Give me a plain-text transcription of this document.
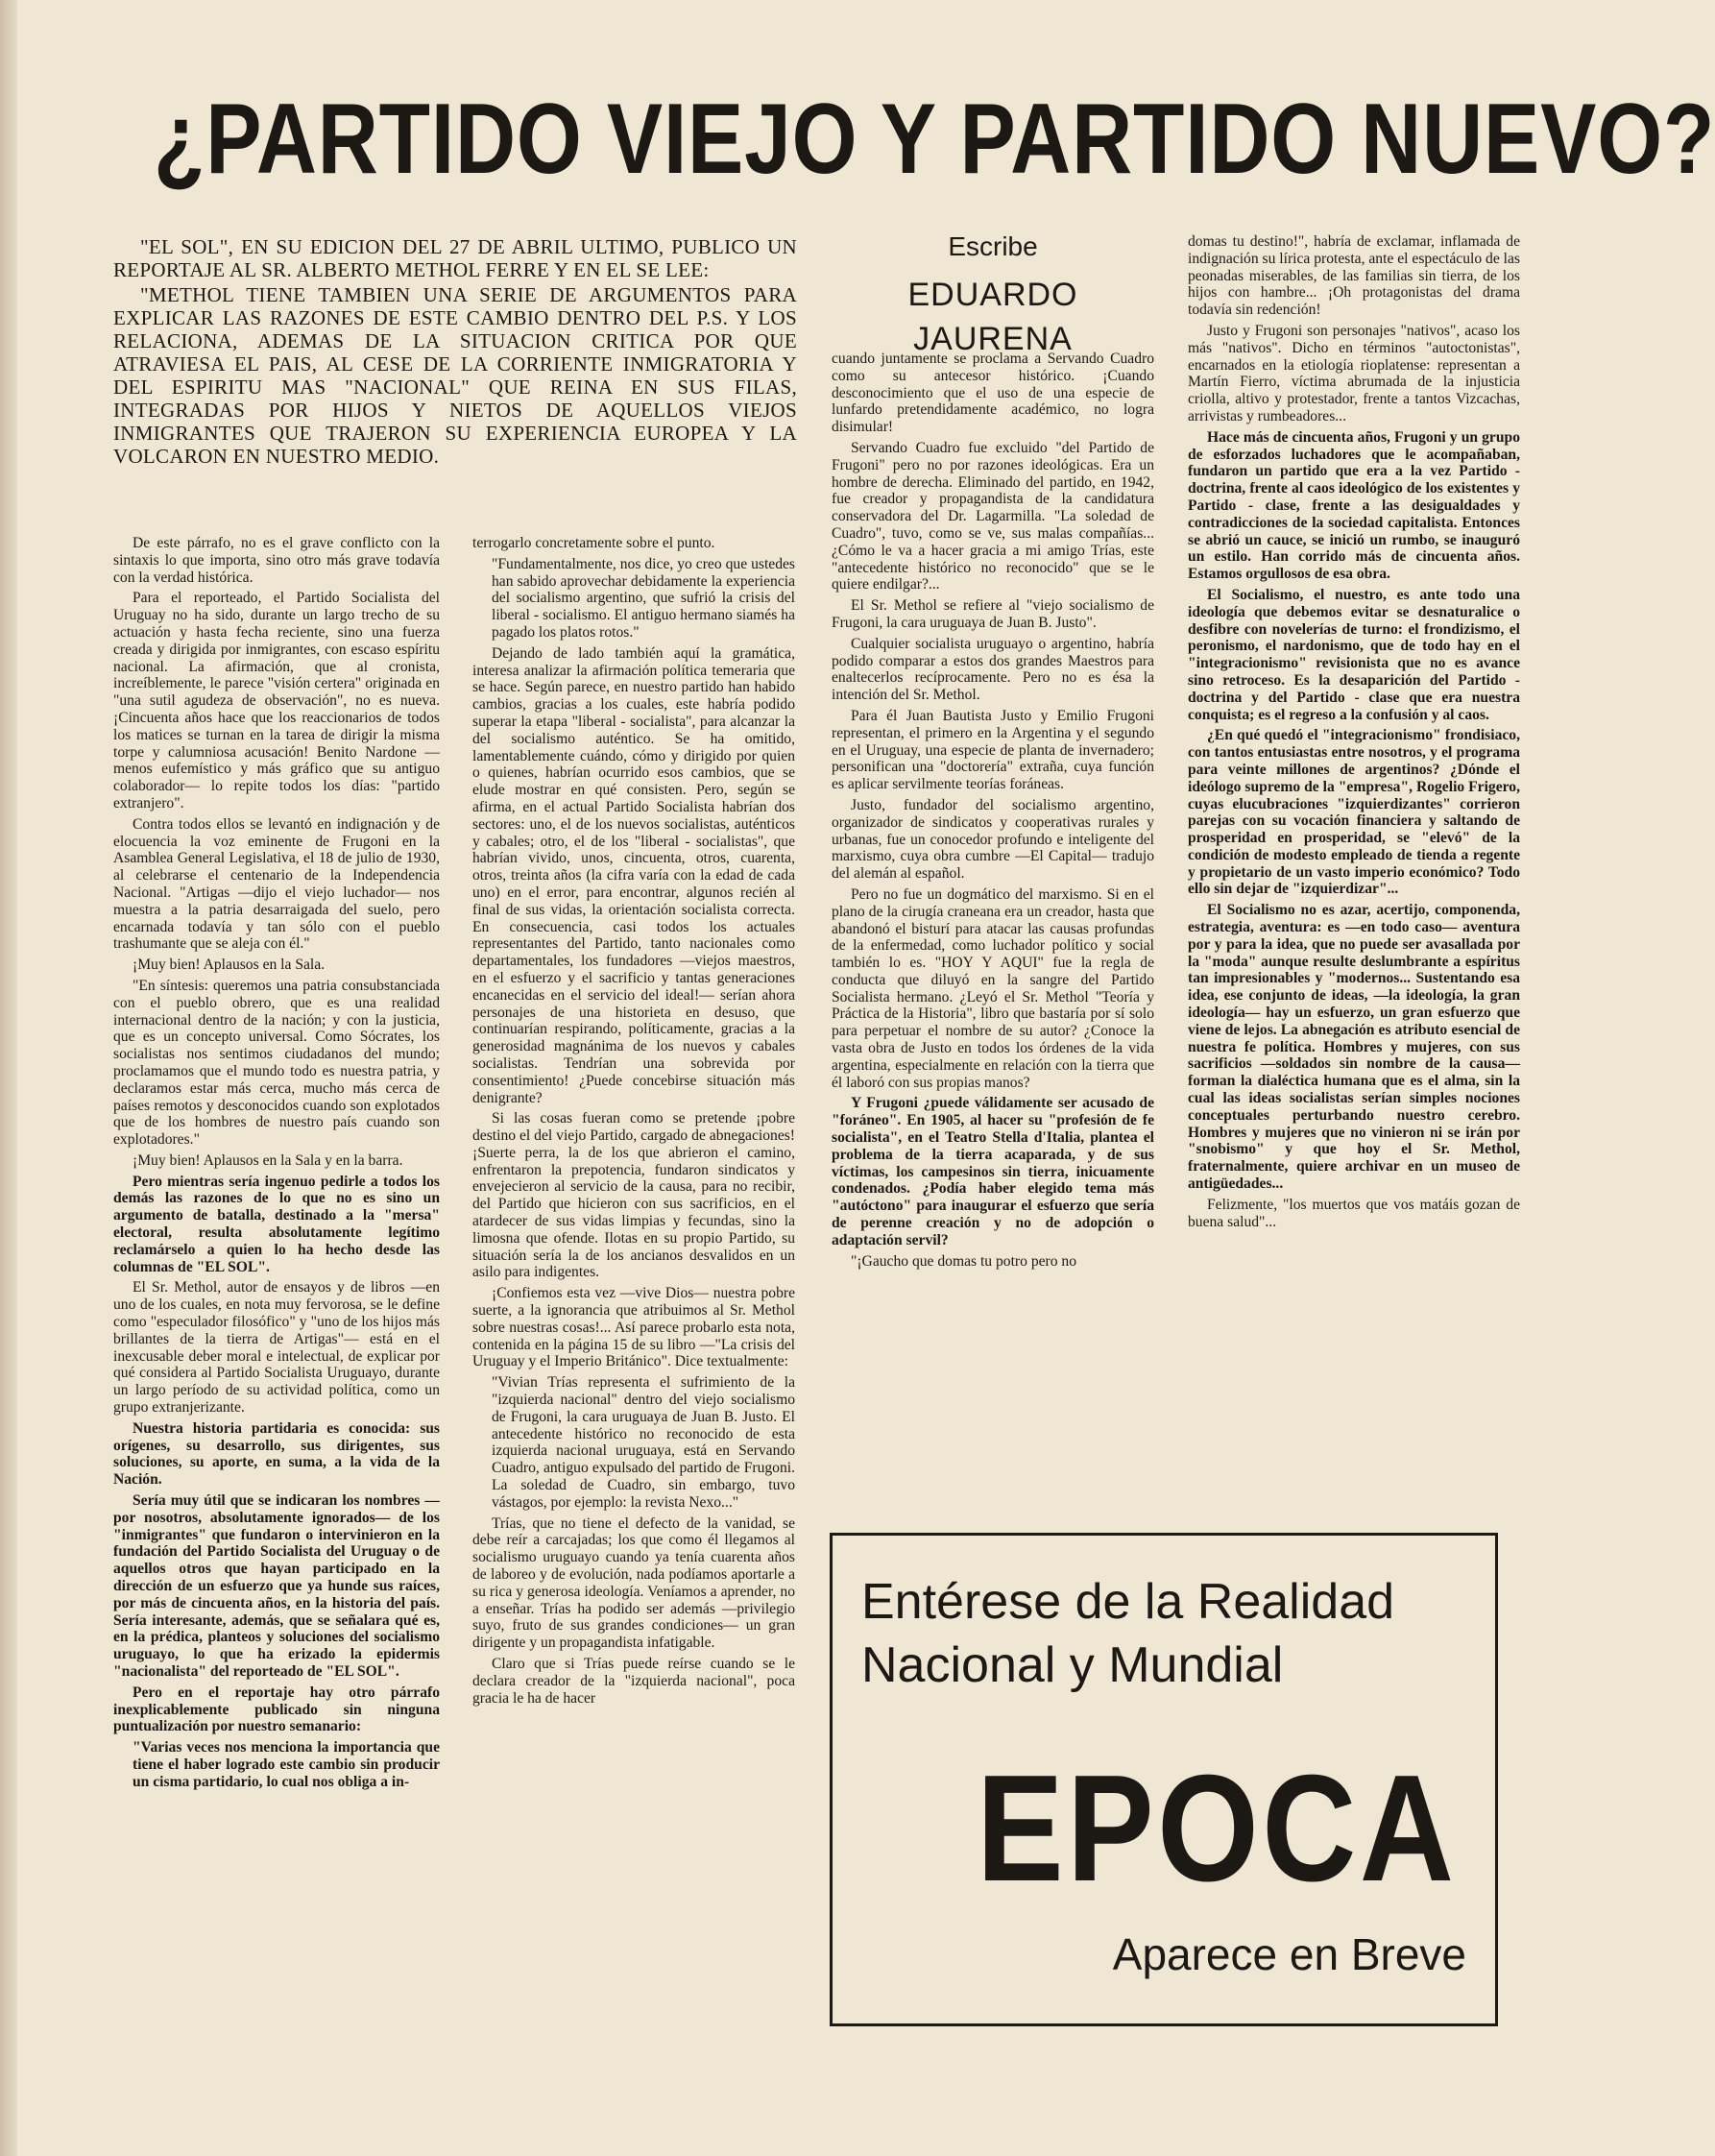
¿PARTIDO VIEJO Y PARTIDO NUEVO?

"EL SOL", EN SU EDICION DEL 27 DE ABRIL ULTIMO, PUBLICO UN REPORTAJE AL SR. ALBERTO METHOL FERRE Y EN EL SE LEE:

"METHOL TIENE TAMBIEN UNA SERIE DE ARGUMENTOS PARA EXPLICAR LAS RAZONES DE ESTE CAMBIO DENTRO DEL P.S. Y LOS RELACIONA, ADEMAS DE LA SITUACION CRITICA POR QUE ATRAVIESA EL PAIS, AL CESE DE LA CORRIENTE INMIGRATORIA Y DEL ESPIRITU MAS "NACIONAL" QUE REINA EN SUS FILAS, INTEGRADAS POR HIJOS Y NIETOS DE AQUELLOS VIEJOS INMIGRANTES QUE TRAJERON SU EXPERIENCIA EUROPEA Y LA VOLCARON EN NUESTRO MEDIO.

Escribe
EDUARDO JAURENA

De este párrafo, no es el grave conflicto con la sintaxis lo que importa, sino otro más grave todavía con la verdad histórica.

Para el reporteado, el Partido Socialista del Uruguay no ha sido, durante un largo trecho de su actuación y hasta fecha reciente, sino una fuerza creada y dirigida por inmigrantes, con escaso espíritu nacional. La afirmación, que al cronista, increíblemente, le parece "visión certera" originada en "una sutil agudeza de observación", no es nueva. ¡Cincuenta años hace que los reaccionarios de todos los matices se turnan en la tarea de dirigir la misma torpe y calumniosa acusación! Benito Nardone —menos eufemístico y más gráfico que su antiguo colaborador— lo repite todos los días: "partido extranjero".

Contra todos ellos se levantó en indignación y de elocuencia la voz eminente de Frugoni en la Asamblea General Legislativa, el 18 de julio de 1930, al celebrarse el centenario de la Independencia Nacional. "Artigas —dijo el viejo luchador— nos muestra a la patria desarraigada del suelo, pero encarnada todavía y tan sólo con el pueblo trashumante que se aleja con él."

¡Muy bien! Aplausos en la Sala.

"En síntesis: queremos una patria consubstanciada con el pueblo obrero, que es una realidad internacional dentro de la nación; y con la justicia, que es un concepto universal. Como Sócrates, los socialistas nos sentimos ciudadanos del mundo; proclamamos que el mundo todo es nuestra patria, y declaramos estar más cerca, mucho más cerca de países remotos y desconocidos cuando son explotados que de los hombres de nuestro país cuando son explotadores."

¡Muy bien! Aplausos en la Sala y en la barra.

Pero mientras sería ingenuo pedirle a todos los demás las razones de lo que no es sino un argumento de batalla, destinado a la "mersa" electoral, resulta absolutamente legítimo reclamárselo a quien lo ha hecho desde las columnas de "EL SOL".

El Sr. Methol, autor de ensayos y de libros —en uno de los cuales, en nota muy fervorosa, se le define como "especulador filosófico" y "uno de los hijos más brillantes de la tierra de Artigas"— está en el inexcusable deber moral e intelectual, de explicar por qué considera al Partido Socialista Uruguayo, durante un largo período de su actividad política, como un grupo extranjerizante.

Nuestra historia partidaria es conocida: sus orígenes, su desarrollo, sus dirigentes, sus soluciones, su aporte, en suma, a la vida de la Nación.

Sería muy útil que se indicaran los nombres —por nosotros, absolutamente ignorados— de los "inmigrantes" que fundaron o intervinieron en la fundación del Partido Socialista del Uruguay o de aquellos otros que hayan participado en la dirección de un esfuerzo que ya hunde sus raíces, por más de cincuenta años, en la historia del país. Sería interesante, además, que se señalara qué es, en la prédica, planteos y soluciones del socialismo uruguayo, lo que ha erizado la epidermis "nacionalista" del reporteado de "EL SOL".

Pero en el reportaje hay otro párrafo inexplicablemente publicado sin ninguna puntualización por nuestro semanario:

"Varias veces nos menciona la importancia que tiene el haber logrado este cambio sin producir un cisma partidario, lo cual nos obliga a in-

terrogarlo concretamente sobre el punto.

"Fundamentalmente, nos dice, yo creo que ustedes han sabido aprovechar debidamente la experiencia del socialismo argentino, que sufrió la crisis del liberal - socialismo. El antiguo hermano siamés ha pagado los platos rotos."

Dejando de lado también aquí la gramática, interesa analizar la afirmación política temeraria que se hace. Según parece, en nuestro partido han habido cambios, gracias a los cuales, este habría podido superar la etapa "liberal - socialista", para alcanzar la del socialismo auténtico. Se ha omitido, lamentablemente cuándo, cómo y dirigido por quien o quienes, habrían ocurrido esos cambios, que se elude mostrar en qué consisten. Pero, según se afirma, en el actual Partido Socialista habrían dos sectores: uno, el de los nuevos socialistas, auténticos y cabales; otro, el de los "liberal - socialistas", que habrían vivido, unos, cincuenta, otros, cuarenta, otros, treinta años (la cifra varía con la edad de cada uno) en el error, para encontrar, algunos recién al final de sus vidas, la orientación socialista correcta. En consecuencia, casi todos los actuales representantes del Partido, tanto nacionales como departamentales, los fundadores —viejos maestros, en el esfuerzo y el sacrificio y tantas generaciones encanecidas en el servicio del ideal!— serían ahora personajes de una historieta en desuso, que continuarían respirando, políticamente, gracias a la generosidad magnánima de los nuevos y cabales socialistas. Tendrían una sobrevida por consentimiento! ¿Puede concebirse situación más denigrante?

Si las cosas fueran como se pretende ¡pobre destino el del viejo Partido, cargado de abnegaciones! ¡Suerte perra, la de los que abrieron el camino, enfrentaron la prepotencia, fundaron sindicatos y envejecieron al servicio de la causa, para no recibir, del Partido que hicieron con sus sacrificios, en el atardecer de sus vidas limpias y fecundas, sino la limosna que ofende. Ilotas en su propio Partido, su situación sería la de los ancianos desvalidos en un asilo para indigentes.

¡Confiemos esta vez —vive Dios— nuestra pobre suerte, a la ignorancia que atribuimos al Sr. Methol sobre nuestras cosas!... Así parece probarlo esta nota, contenida en la página 15 de su libro —"La crisis del Uruguay y el Imperio Británico". Dice textualmente:

"Vivian Trías representa el sufrimiento de la "izquierda nacional" dentro del viejo socialismo de Frugoni, la cara uruguaya de Juan B. Justo. El antecedente histórico no reconocido de esta izquierda nacional uruguaya, está en Servando Cuadro, antiguo expulsado del partido de Frugoni. La soledad de Cuadro, sin embargo, tuvo vástagos, por ejemplo: la revista Nexo..."

Trías, que no tiene el defecto de la vanidad, se debe reír a carcajadas; los que como él llegamos al socialismo uruguayo cuando ya tenía cuarenta años de laboreo y de evolución, nada podíamos aportarle a su rica y generosa ideología. Veníamos a aprender, no a enseñar. Trías ha podido ser además —privilegio suyo, fruto de sus grandes condiciones— un gran dirigente y un propagandista infatigable.

Claro que si Trías puede reírse cuando se le declara creador de la "izquierda nacional", poca gracia le ha de hacer

cuando juntamente se proclama a Servando Cuadro como su antecesor histórico. ¡Cuando desconocimiento que el uso de una especie de lunfardo pretendidamente académico, no logra disimular!

Servando Cuadro fue excluido "del Partido de Frugoni" pero no por razones ideológicas. Era un hombre de derecha. Eliminado del partido, en 1942, fue creador y propagandista de la candidatura conservadora del Dr. Lagarmilla. "La soledad de Cuadro", tuvo, como se ve, sus malas compañías... ¿Cómo le va a hacer gracia a mi amigo Trías, este "antecedente histórico no reconocido" que se le quiere endilgar?...

El Sr. Methol se refiere al "viejo socialismo de Frugoni, la cara uruguaya de Juan B. Justo".

Cualquier socialista uruguayo o argentino, habría podido comparar a estos dos grandes Maestros para enaltecerlos recíprocamente. Pero no es ésa la intención del Sr. Methol.

Para él Juan Bautista Justo y Emilio Frugoni representan, el primero en la Argentina y el segundo en el Uruguay, una especie de planta de invernadero; personifican una "doctorería" extraña, cuya función es aplicar servilmente teorías foráneas.

Justo, fundador del socialismo argentino, organizador de sindicatos y cooperativas rurales y urbanas, fue un conocedor profundo e inteligente del marxismo, cuya obra cumbre —El Capital— tradujo del alemán al español.

Pero no fue un dogmático del marxismo. Si en el plano de la cirugía craneana era un creador, hasta que abandonó el bisturí para atacar las causas profundas de la enfermedad, como luchador político y social también lo es. "HOY Y AQUI" fue la regla de conducta que diluyó en la sangre del Partido Socialista hermano. ¿Leyó el Sr. Methol "Teoría y Práctica de la Historia", libro que bastaría por sí solo para perpetuar el nombre de su autor? ¿Conoce la vasta obra de Justo en todos los órdenes de la vida argentina, especialmente en relación con la tierra que él laboró con sus propias manos?

Y Frugoni ¿puede válidamente ser acusado de "foráneo". En 1905, al hacer su "profesión de fe socialista", en el Teatro Stella d'Italia, plantea el problema de la tierra acaparada, y de sus víctimas, los campesinos sin tierra, inicuamente condenados. ¿Podía haber elegido tema más "autóctono" para inaugurar el esfuerzo que sería de perenne creación y no de adopción o adaptación servil?

"¡Gaucho que domas tu potro pero no

domas tu destino!", habría de exclamar, inflamada de indignación su lírica protesta, ante el espectáculo de las peonadas miserables, de las familias sin tierra, de los hijos con hambre... ¡Oh protagonistas del drama todavía sin redención!

Justo y Frugoni son personajes "nativos", acaso los más "nativos". Dicho en términos "autoctonistas", encarnados en la etiología rioplatense: representan a Martín Fierro, víctima abrumada de la injusticia criolla, altivo y protestador, frente a tantos Vizcachas, arrivistas y rumbeadores...

Hace más de cincuenta años, Frugoni y un grupo de esforzados luchadores que le acompañaban, fundaron un partido que era a la vez Partido - doctrina, frente al caos ideológico de los existentes y Partido - clase, frente a las desigualdades y contradicciones de la sociedad capitalista. Entonces se abrió un cauce, se inició un rumbo, se inauguró un estilo. Han corrido más de cincuenta años. Estamos orgullosos de esa obra.

El Socialismo, el nuestro, es ante todo una ideología que debemos evitar se desnaturalice o desfibre con novelerías de turno: el frondizismo, el peronismo, el nardonismo, que de todo hay en el "integracionismo" revisionista que no es avance sino retroceso. Es la desaparición del Partido - doctrina y del Partido - clase que era nuestra conquista; es el regreso a la confusión y al caos.

¿En qué quedó el "integracionismo" frondisiaco, con tantos entusiastas entre nosotros, y el programa para veinte millones de argentinos? ¿Dónde el ideólogo supremo de la "empresa", Rogelio Frigero, cuyas elucubraciones "izquierdizantes" corrieron parejas con su vocación financiera y saltando de prosperidad en prosperidad, se "elevó" de la condición de modesto empleado de tienda a regente y propietario de un vasto imperio económico? Todo ello sin dejar de "izquierdizar"...

El Socialismo no es azar, acertijo, componenda, estrategia, aventura: es —en todo caso— aventura por y para la idea, que no puede ser avasallada por la "moda" aunque resulte deslumbrante a espíritus tan impresionables y "modernos... Sustentando esa idea, ese conjunto de ideas, —la ideología, la gran ideología— hay un esfuerzo, un gran esfuerzo que viene de lejos. La abnegación es atributo esencial de nuestra fe política. Hombres y mujeres, con sus sacrificios —soldados sin nombre de la causa— forman la dialéctica humana que es el alma, sin la cual las ideas socialistas serían simples nociones conceptuales perturbando nuestro cerebro. Hombres y mujeres que no vinieron ni se irán por "snobismo" y que hoy el Sr. Methol, fraternalmente, quiere archivar en un museo de antigüedades...

Felizmente, "los muertos que vos matáis gozan de buena salud"...

Entérese de la Realidad
Nacional y Mundial
EPOCA
Aparece en Breve
